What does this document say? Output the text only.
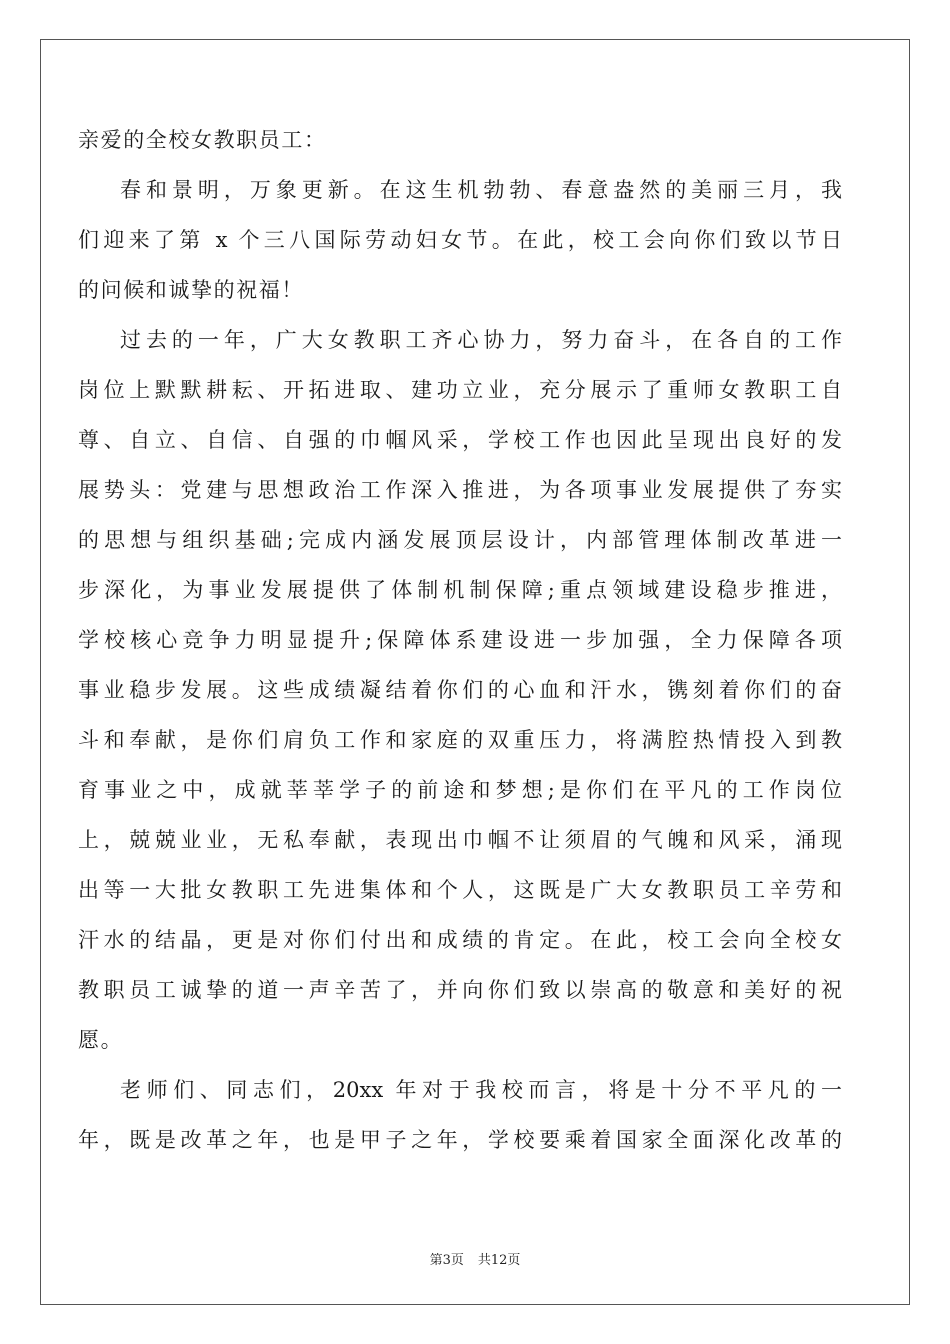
亲爱的全校女教职员工：
春和景明，万象更新。在这生机勃勃、春意盎然的美丽三月，我
们迎来了第 x 个三八国际劳动妇女节。在此，校工会向你们致以节日
的问候和诚挚的祝福！
过去的一年，广大女教职工齐心协力，努力奋斗，在各自的工作
岗位上默默耕耘、开拓进取、建功立业，充分展示了重师女教职工自
尊、自立、自信、自强的巾帼风采，学校工作也因此呈现出良好的发
展势头：党建与思想政治工作深入推进，为各项事业发展提供了夯实
的思想与组织基础;完成内涵发展顶层设计，内部管理体制改革进一
步深化，为事业发展提供了体制机制保障;重点领域建设稳步推进，
学校核心竞争力明显提升;保障体系建设进一步加强，全力保障各项
事业稳步发展。这些成绩凝结着你们的心血和汗水，镌刻着你们的奋
斗和奉献，是你们肩负工作和家庭的双重压力，将满腔热情投入到教
育事业之中，成就莘莘学子的前途和梦想;是你们在平凡的工作岗位
上，兢兢业业，无私奉献，表现出巾帼不让须眉的气魄和风采，涌现
出等一大批女教职工先进集体和个人，这既是广大女教职员工辛劳和
汗水的结晶，更是对你们付出和成绩的肯定。在此，校工会向全校女
教职员工诚挚的道一声辛苦了，并向你们致以崇高的敬意和美好的祝
愿。
老师们、同志们，20xx 年对于我校而言，将是十分不平凡的一
年，既是改革之年，也是甲子之年，学校要乘着国家全面深化改革的
第3页 共12页
